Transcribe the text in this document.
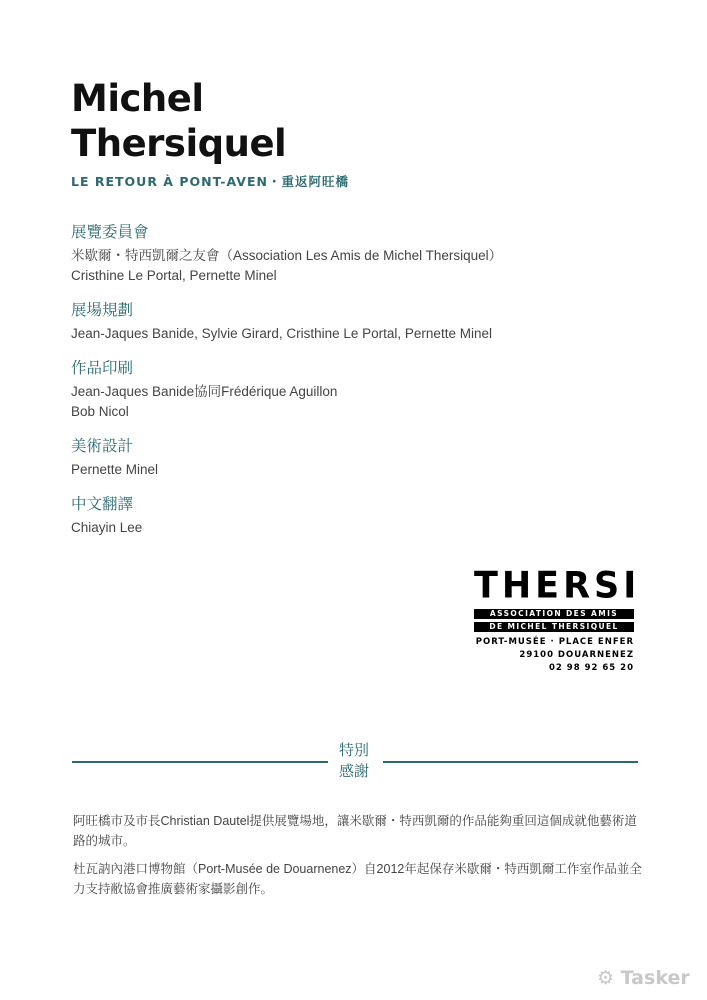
Michel
Thersiquel
LE RETOUR À PONT-AVEN・重返阿旺橋
展覽委員會
米歇爾・特西凱爾之友會（Association Les Amis de Michel Thersiquel）
Cristhine Le Portal, Pernette Minel
展場規劃
Jean-Jaques Banide, Sylvie Girard, Cristhine Le Portal, Pernette Minel
作品印刷
Jean-Jaques Banide協同Frédérique Aguillon
Bob Nicol
美術設計
Pernette Minel
中文翻譯
Chiayin Lee
THERSI
ASSOCIATION DES AMIS
DE MICHEL THERSIQUEL
PORT-MUSÉE · PLACE ENFER
29100 DOUARNENEZ
02 98 92 65 20
特別
感謝

阿旺橋市及市長Christian Dautel提供展覽場地，讓米歇爾・特西凱爾的作品能夠重回這個成就他藝術道路的城市。

杜瓦訥內港口博物館（Port-Musée de Douarnenez）自2012年起保存米歇爾・特西凱爾工作室作品並全力支持敝協會推廣藝術家攝影創作。

⚙ Tasker
